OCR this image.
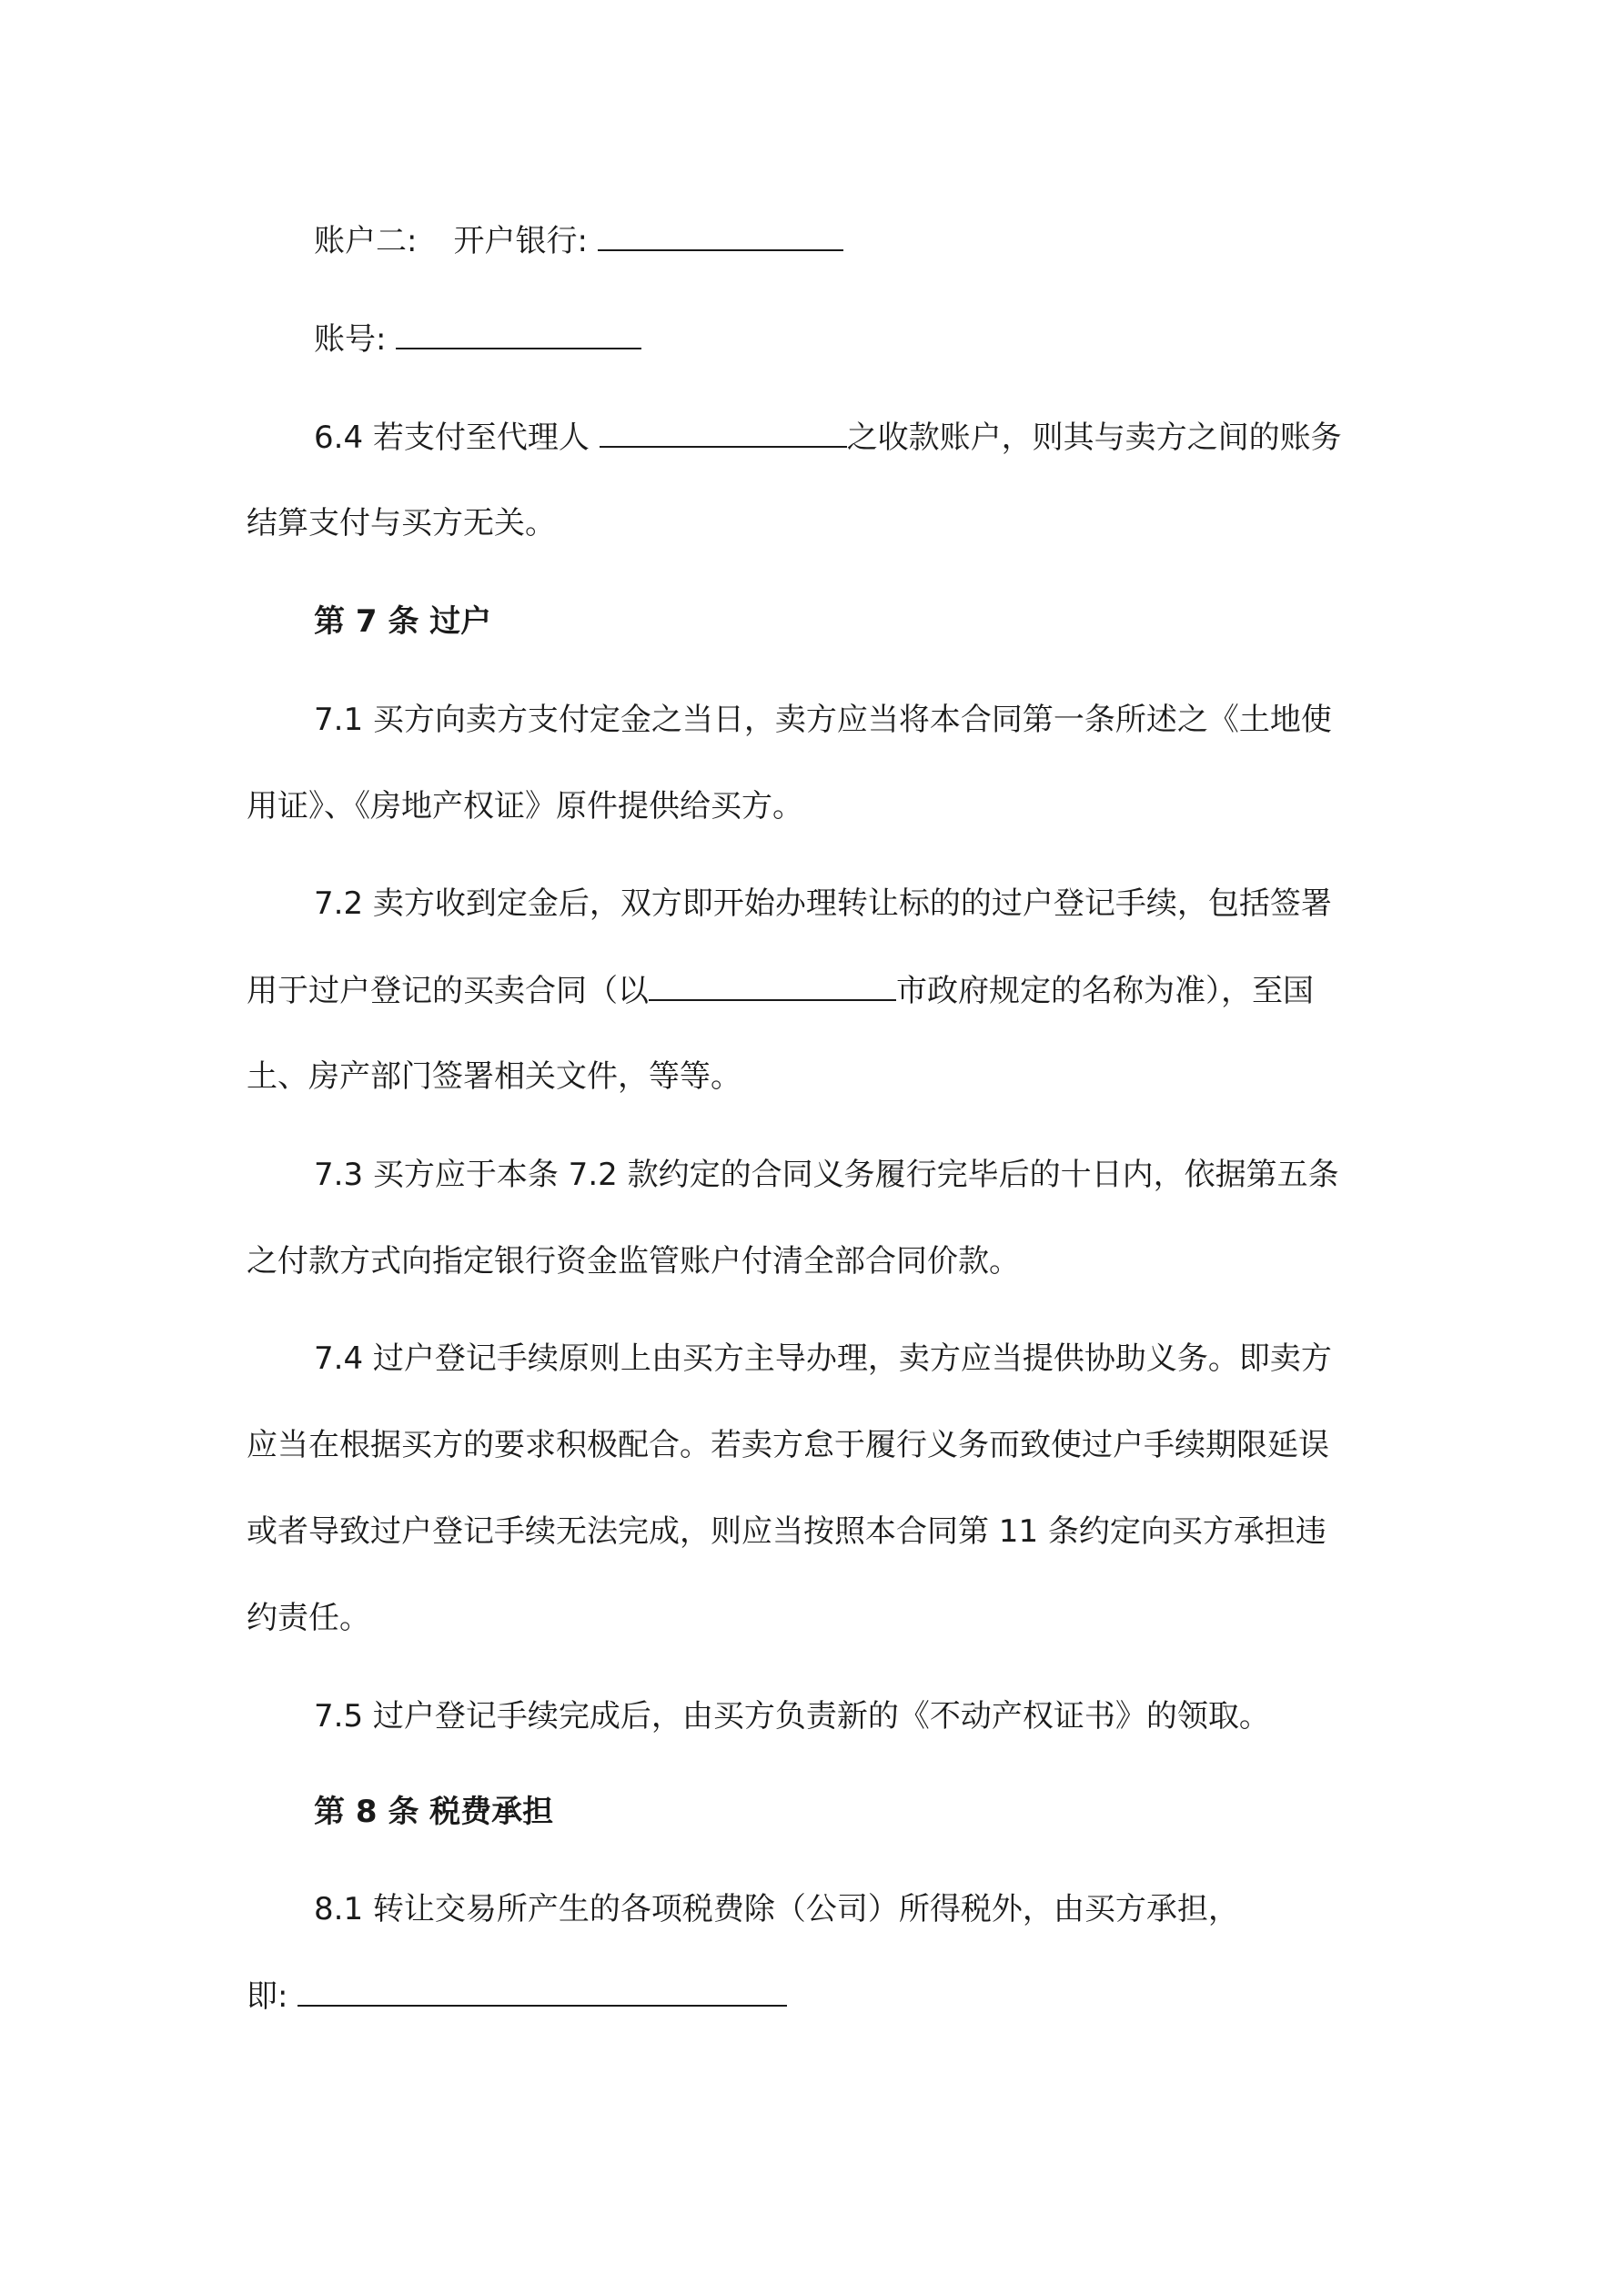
账户二: 开户银行:
账号:
6.4 若支付至代理人	之收款账户，则其与卖方之间的账务
结算支付与买方无关。
第 7 条 过户
7.1 买方向卖方支付定金之当日，卖方应当将本合同第一条所述之《土地使
用证》、《房地产权证》原件提供给买方。
7.2 卖方收到定金后，双方即开始办理转让标的的过户登记手续，包括签署
用于过户登记的买卖合同（以	市政府规定的名称为准），至国
土、房产部门签署相关文件，等等。
7.3 买方应于本条 7.2 款约定的合同义务履行完毕后的十日内，依据第五条
之付款方式向指定银行资金监管账户付清全部合同价款。
7.4 过户登记手续原则上由买方主导办理，卖方应当提供协助义务。即卖方
应当在根据买方的要求积极配合。若卖方怠于履行义务而致使过户手续期限延误
或者导致过户登记手续无法完成，则应当按照本合同第 11 条约定向买方承担违
约责任。
7.5 过户登记手续完成后，由买方负责新的《不动产权证书》的领取。
第 8 条 税费承担
8.1 转让交易所产生的各项税费除（公司）所得税外，由买方承担，
即:
